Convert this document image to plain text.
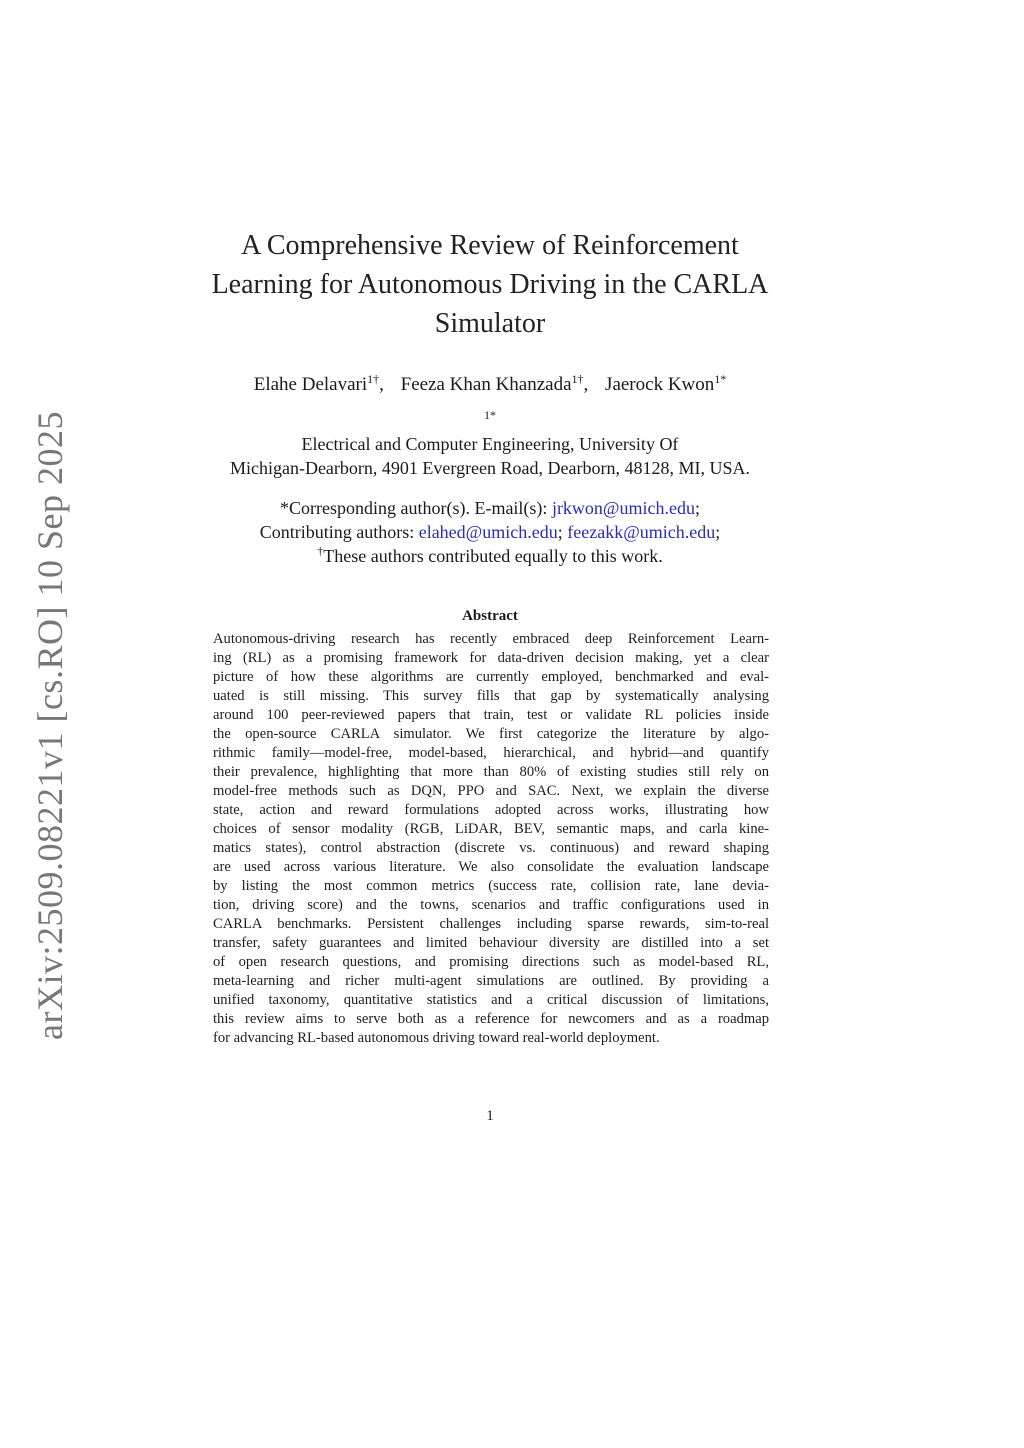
arXiv:2509.08221v1 [cs.RO] 10 Sep 2025
A Comprehensive Review of Reinforcement
Learning for Autonomous Driving in the CARLA
Simulator
Elahe Delavari$^{1\dagger}$, Feeza Khan Khanzada$^{1\dagger}$, Jaerock Kwon$^{1*}$
$^{1*}$
Electrical and Computer Engineering, University Of
Michigan-Dearborn, 4901 Evergreen Road, Dearborn, 48128, MI, USA.
*Corresponding author(s). E-mail(s): jrkwon@umich.edu;
Contributing authors: elahed@umich.edu; feezakk@umich.edu;
†These authors contributed equally to this work.
Abstract
Autonomous-driving research has recently embraced deep Reinforcement Learn-
ing (RL) as a promising framework for data-driven decision making, yet a clear
picture of how these algorithms are currently employed, benchmarked and eval-
uated is still missing. This survey fills that gap by systematically analysing
around 100 peer-reviewed papers that train, test or validate RL policies inside
the open-source CARLA simulator. We first categorize the literature by algo-
rithmic family—model-free, model-based, hierarchical, and hybrid—and quantify
their prevalence, highlighting that more than 80% of existing studies still rely on
model-free methods such as DQN, PPO and SAC. Next, we explain the diverse
state, action and reward formulations adopted across works, illustrating how
choices of sensor modality (RGB, LiDAR, BEV, semantic maps, and carla kine-
matics states), control abstraction (discrete vs. continuous) and reward shaping
are used across various literature. We also consolidate the evaluation landscape
by listing the most common metrics (success rate, collision rate, lane devia-
tion, driving score) and the towns, scenarios and traffic configurations used in
CARLA benchmarks. Persistent challenges including sparse rewards, sim-to-real
transfer, safety guarantees and limited behaviour diversity are distilled into a set
of open research questions, and promising directions such as model-based RL,
meta-learning and richer multi-agent simulations are outlined. By providing a
unified taxonomy, quantitative statistics and a critical discussion of limitations,
this review aims to serve both as a reference for newcomers and as a roadmap
for advancing RL-based autonomous driving toward real-world deployment.
1
